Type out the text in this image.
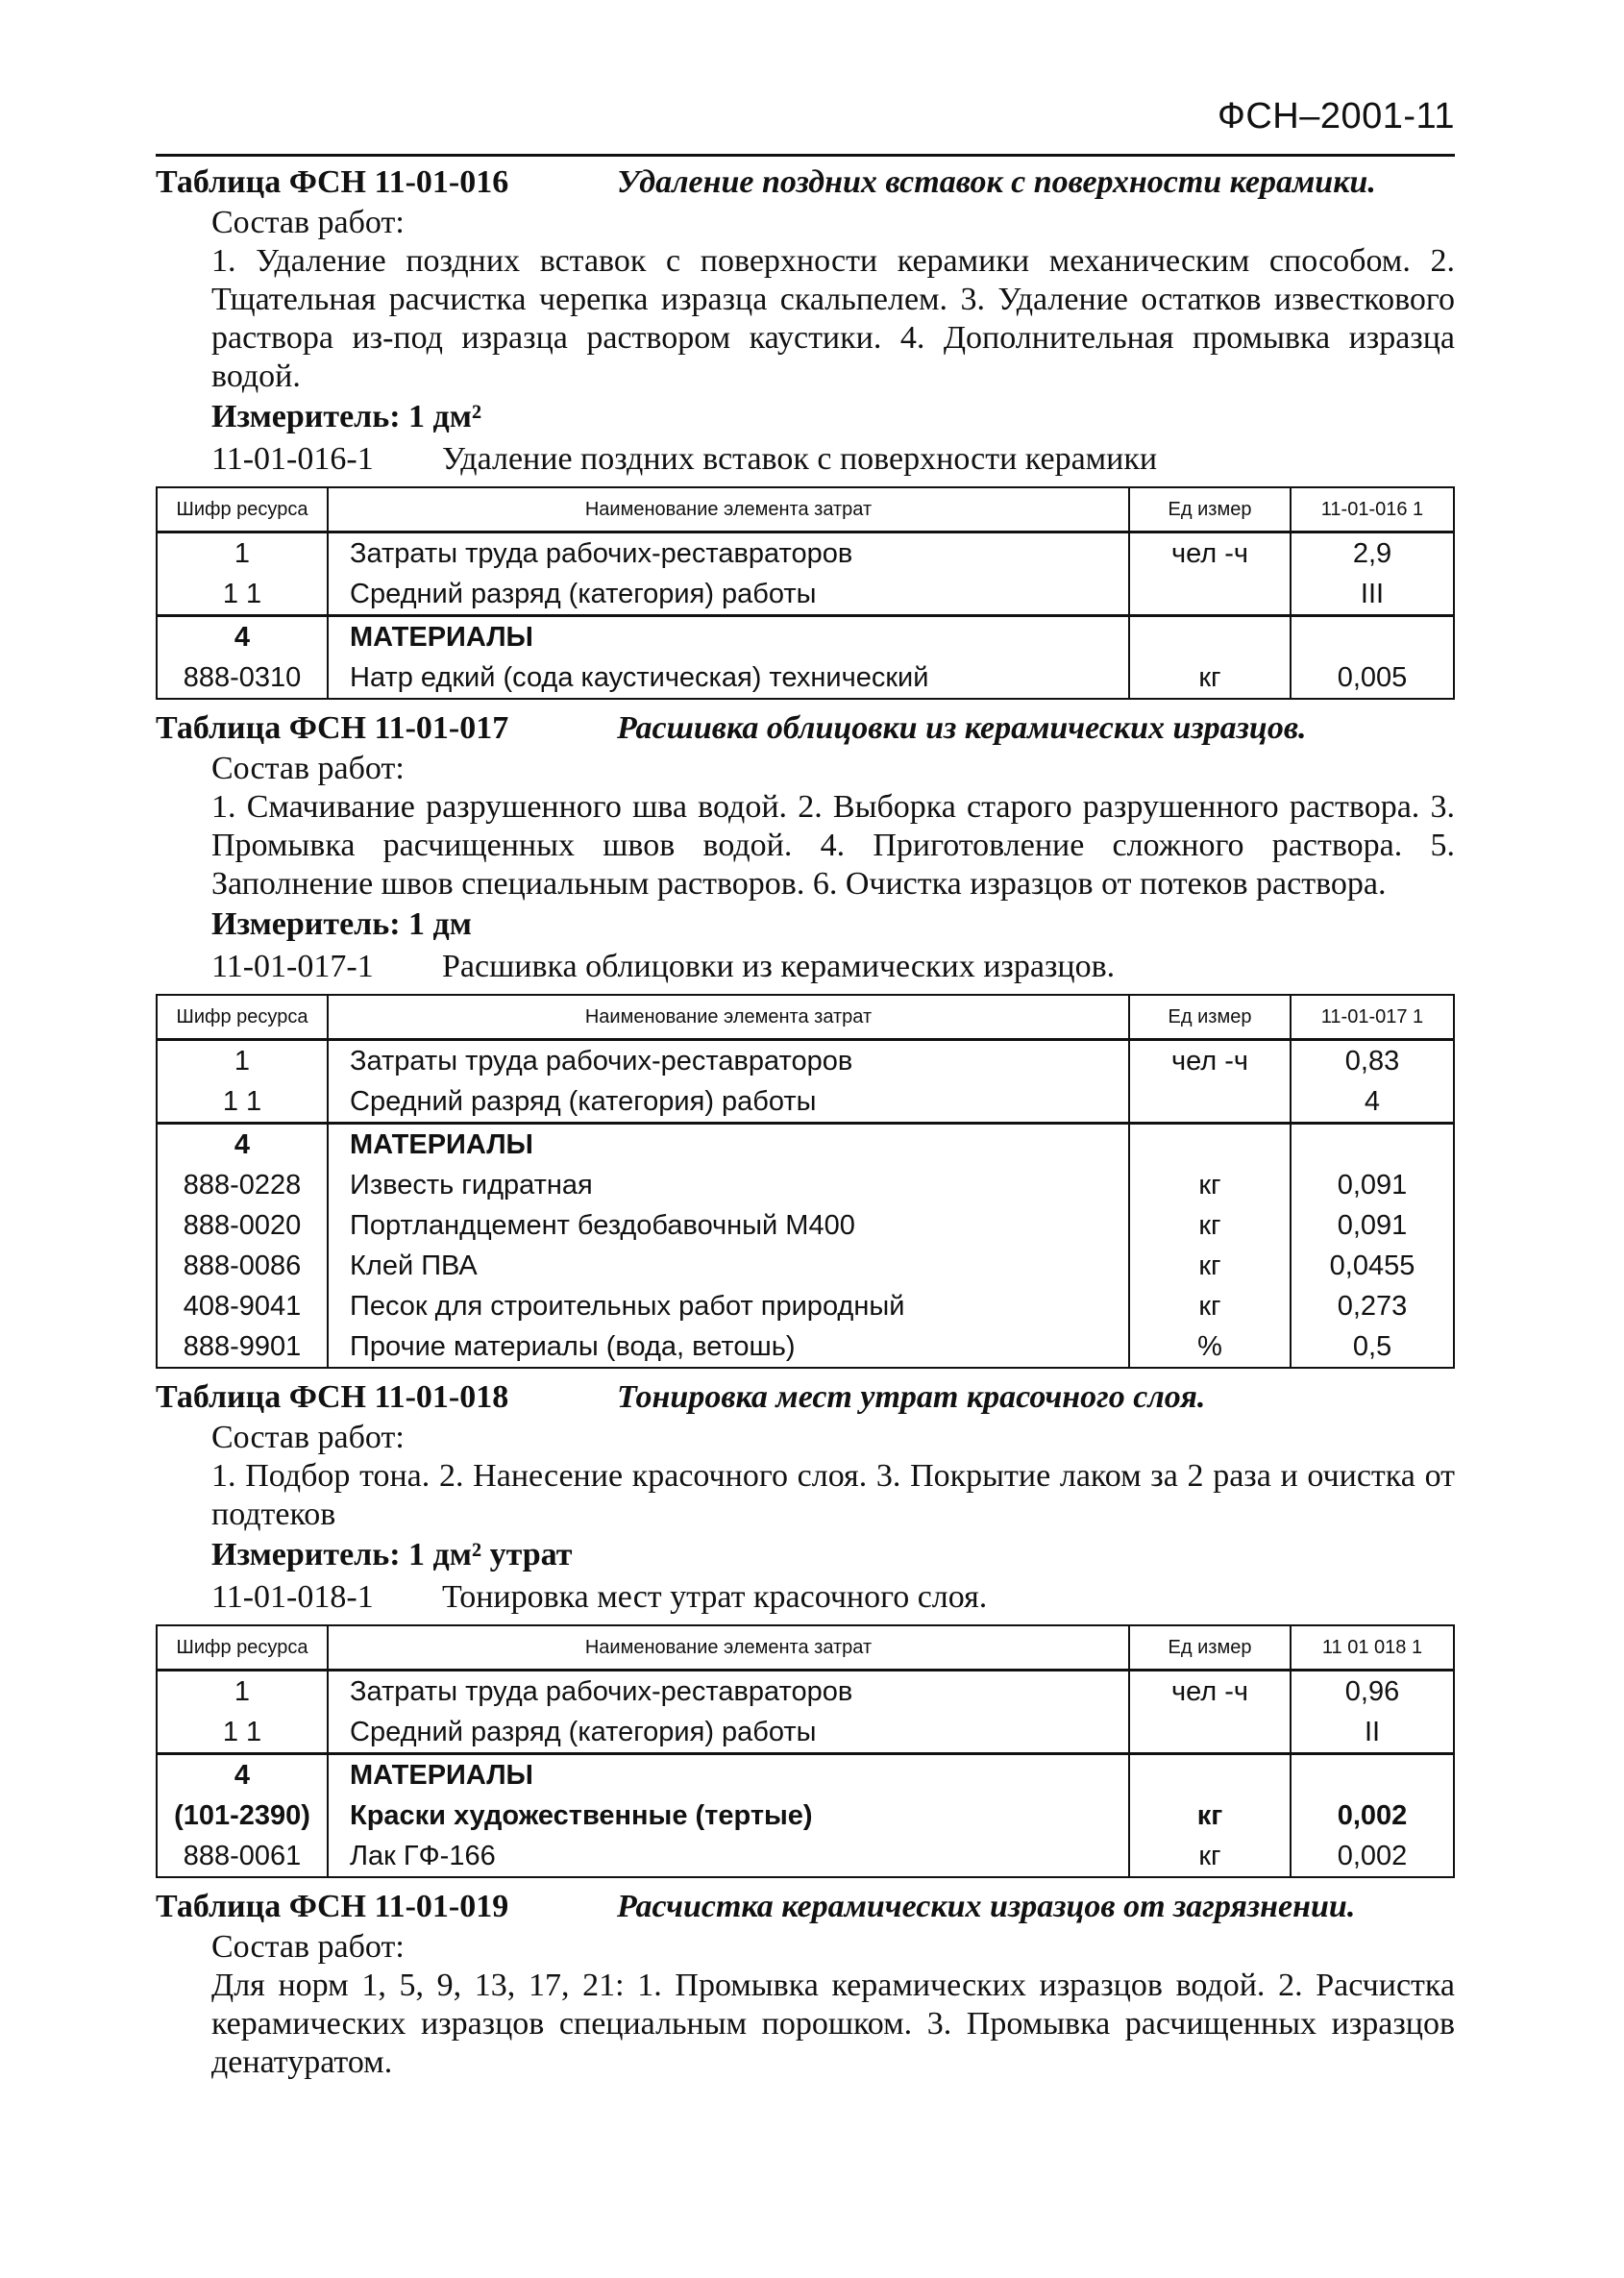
ФСН–2001-11
Таблица ФСН 11-01-016	Удаление поздних вставок с поверхности керамики.

Состав работ:

1. Удаление поздних вставок с поверхности керамики механическим способом. 2. Тщательная расчистка черепка изразца скальпелем. 3. Удаление остатков известкового раствора из-под изразца раствором каустики. 4. Дополнительная промывка изразца водой.

Измеритель: 1 дм²
11-01-016-1 Удаление поздних вставок с поверхности керамики
Шифр ресурса	Наименование элемента затрат	Ед измер	11-01-016 1
1	Затраты труда рабочих-реставраторов	чел -ч	2,9
1 1	Средний разряд (категория) работы		III
4	МАТЕРИАЛЫ		
888-0310	Натр едкий (сода каустическая) технический	кг	0,005
Таблица ФСН 11-01-017	Расшивка облицовки из керамических изразцов.

Состав работ:

1. Смачивание разрушенного шва водой. 2. Выборка старого разрушенного раствора. 3. Промывка расчищенных швов водой. 4. Приготовление сложного раствора. 5. Заполнение швов специальным растворов. 6. Очистка изразцов от потеков раствора.

Измеритель: 1 дм
11-01-017-1 Расшивка облицовки из керамических изразцов.
Шифр ресурса	Наименование элемента затрат	Ед измер	11-01-017 1
1	Затраты труда рабочих-реставраторов	чел -ч	0,83
1 1	Средний разряд (категория) работы		4
4	МАТЕРИАЛЫ		
888-0228	Известь гидратная	кг	0,091
888-0020	Портландцемент бездобавочный М400	кг	0,091
888-0086	Клей ПВА	кг	0,0455
408-9041	Песок для строительных работ природный	кг	0,273
888-9901	Прочие материалы (вода, ветошь)	%	0,5
Таблица ФСН 11-01-018	Тонировка мест утрат красочного слоя.

Состав работ:

1. Подбор тона. 2. Нанесение красочного слоя. 3. Покрытие лаком за 2 раза и очистка от подтеков

Измеритель: 1 дм² утрат
11-01-018-1 Тонировка мест утрат красочного слоя.
Шифр ресурса	Наименование элемента затрат	Ед измер	11 01 018 1
1	Затраты труда рабочих-реставраторов	чел -ч	0,96
1 1	Средний разряд (категория) работы		II
4	МАТЕРИАЛЫ		
(101-2390)	Краски художественные (тертые)	кг	0,002
888-0061	Лак ГФ-166	кг	0,002
Таблица ФСН 11-01-019	Расчистка керамических изразцов от загрязнении.

Состав работ:

Для норм 1, 5, 9, 13, 17, 21: 1. Промывка керамических изразцов водой. 2. Расчистка керамических изразцов специальным порошком. 3. Промывка расчищенных изразцов денатуратом.
